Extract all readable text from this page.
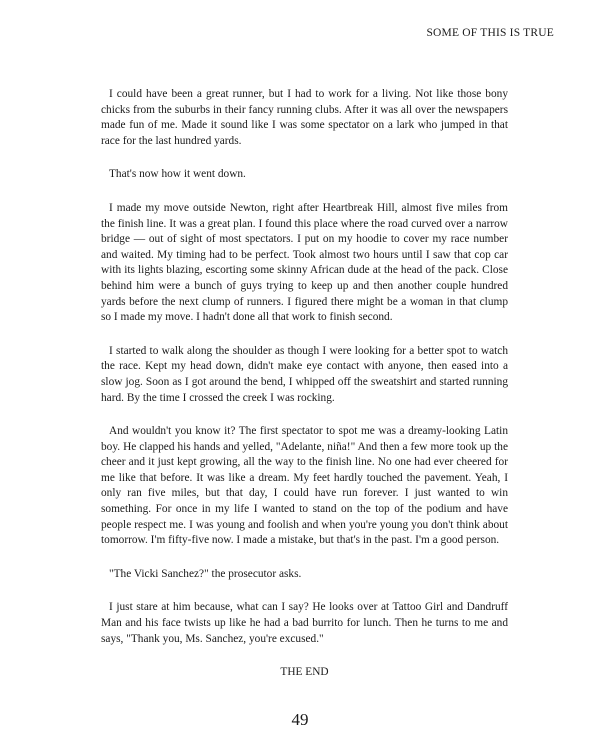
SOME OF THIS IS TRUE

I could have been a great runner, but I had to work for a living. Not like those bony chicks from the suburbs in their fancy running clubs. After it was all over the newspapers made fun of me. Made it sound like I was some spectator on a lark who jumped in that race for the last hundred yards.

That's now how it went down.

I made my move outside Newton, right after Heartbreak Hill, almost five miles from the finish line. It was a great plan. I found this place where the road curved over a narrow bridge — out of sight of most spectators. I put on my hoodie to cover my race number and waited. My timing had to be perfect. Took almost two hours until I saw that cop car with its lights blazing, escorting some skinny African dude at the head of the pack. Close behind him were a bunch of guys trying to keep up and then another couple hundred yards before the next clump of runners. I figured there might be a woman in that clump so I made my move. I hadn't done all that work to finish second.

I started to walk along the shoulder as though I were looking for a better spot to watch the race. Kept my head down, didn't make eye contact with anyone, then eased into a slow jog. Soon as I got around the bend, I whipped off the sweatshirt and started running hard. By the time I crossed the creek I was rocking.

And wouldn't you know it? The first spectator to spot me was a dreamy-looking Latin boy. He clapped his hands and yelled, "Adelante, niña!" And then a few more took up the cheer and it just kept growing, all the way to the finish line. No one had ever cheered for me like that before. It was like a dream. My feet hardly touched the pavement. Yeah, I only ran five miles, but that day, I could have run forever. I just wanted to win something. For once in my life I wanted to stand on the top of the podium and have people respect me. I was young and foolish and when you're young you don't think about tomorrow. I'm fifty-five now. I made a mistake, but that's in the past. I'm a good person.

"The Vicki Sanchez?" the prosecutor asks.

I just stare at him because, what can I say? He looks over at Tattoo Girl and Dandruff Man and his face twists up like he had a bad burrito for lunch. Then he turns to me and says, "Thank you, Ms. Sanchez, you're excused."

THE END

49
